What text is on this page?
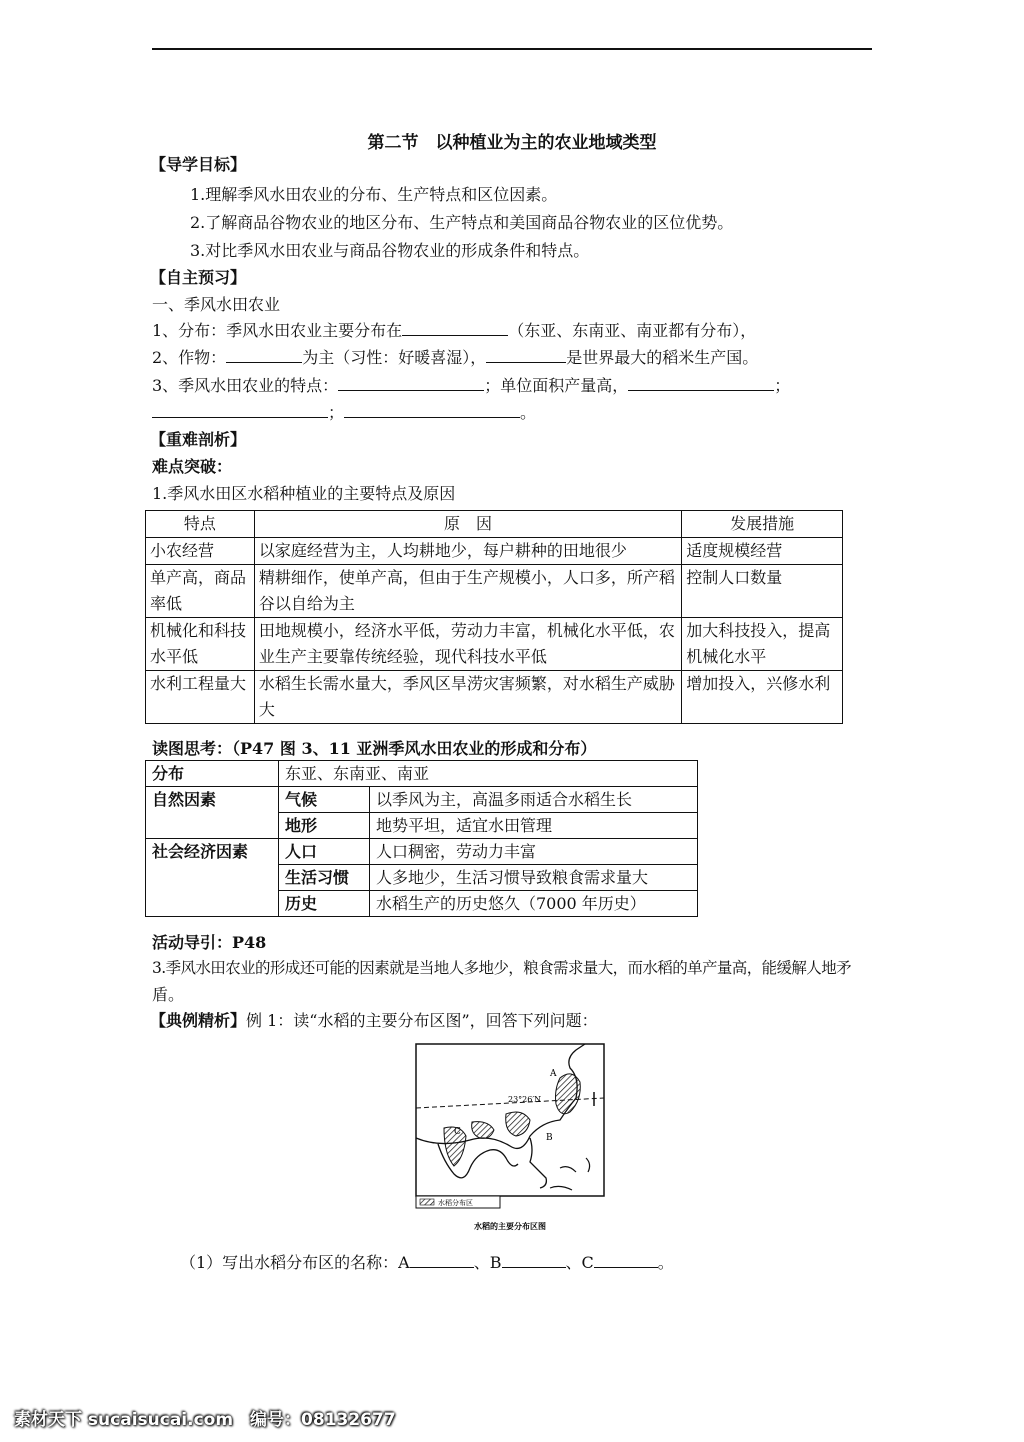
第二节　以种植业为主的农业地域类型
【导学目标】
1.理解季风水田农业的分布、生产特点和区位因素。
2.了解商品谷物农业的地区分布、生产特点和美国商品谷物农业的区位优势。
3.对比季风水田农业与商品谷物农业的形成条件和特点。
【自主预习】
一、季风水田农业
1、分布：季风水田农业主要分布在	（东亚、东南亚、南亚都有分布），
2、作物：	为主（习性：好暖喜湿），	是世界最大的稻米生产国。
3、季风水田农业的特点：	；单位面积产量高，	；
；	。
【重难剖析】
难点突破：
1.季风水田区水稻种植业的主要特点及原因
特点	原　因	发展措施
小农经营	以家庭经营为主，人均耕地少，每户耕种的田地很少	适度规模经营
单产高，商品率低	精耕细作，使单产高，但由于生产规模小，人口多，所产稻谷以自给为主	控制人口数量
机械化和科技水平低	田地规模小，经济水平低，劳动力丰富，机械化水平低，农业生产主要靠传统经验，现代科技水平低	加大科技投入，提高机械化水平
水利工程量大	水稻生长需水量大，季风区旱涝灾害频繁，对水稻生产威胁大	增加投入，兴修水利
读图思考：（P47 图 3、11 亚洲季风水田农业的形成和分布）
分布	东亚、东南亚、南亚	
自然因素	气候	以季风为主，高温多雨适合水稻生长
	地形	地势平坦，适宜水田管理
社会经济因素	人口	人口稠密，劳动力丰富
	生活习惯	人多地少，生活习惯导致粮食需求量大
	历史	水稻生产的历史悠久（7000 年历史）
活动导引：P48
3.季风水田农业的形成还可能的因素就是当地人多地少，粮食需求量大，而水稻的单产量高，能缓解人地矛
盾。
【典例精析】例 1：读“水稻的主要分布区图”，回答下列问题：
A
B
C
23°26′N
水稻分布区
水稻的主要分布区图
（1）写出水稻分布区的名称：A	、B	、C	。
素材天下 sucaisucai.com　编号：08132677
